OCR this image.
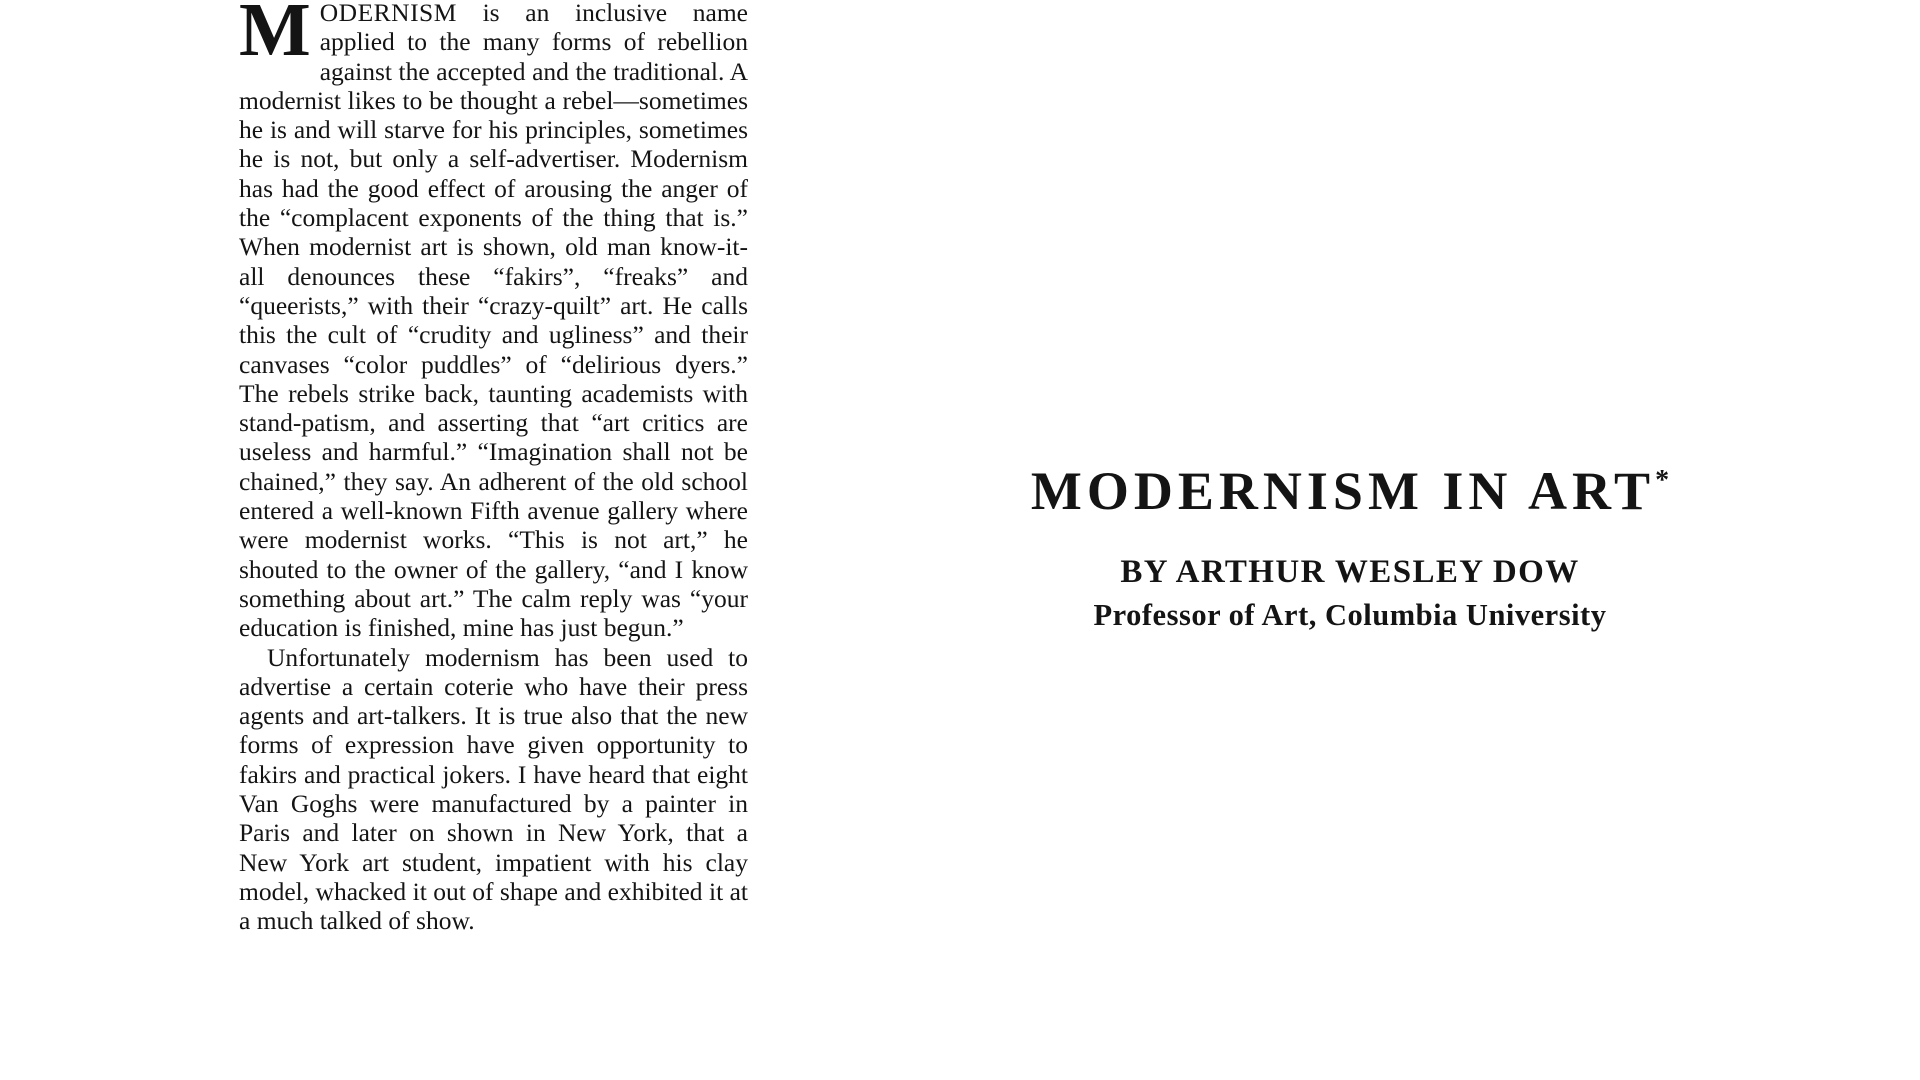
MODERNISM is an inclusive name applied to the many forms of rebellion against the accepted and the traditional. A modernist likes to be thought a rebel—sometimes he is and will starve for his principles, sometimes he is not, but only a self-advertiser. Modernism has had the good effect of arousing the anger of the “complacent exponents of the thing that is.” When modernist art is shown, old man know-it-all denounces these “fakirs”, “freaks” and “queerists,” with their “crazy-quilt” art. He calls this the cult of “crudity and ugliness” and their canvases “color puddles” of “delirious dyers.” The rebels strike back, taunting academists with stand-patism, and asserting that “art critics are useless and harmful.” “Imagination shall not be chained,” they say. An adherent of the old school entered a well-known Fifth avenue gallery where were modernist works. “This is not art,” he shouted to the owner of the gallery, “and I know something about art.” The calm reply was “your education is finished, mine has just begun.”

Unfortunately modernism has been used to advertise a certain coterie who have their press agents and art-talkers. It is true also that the new forms of expression have given opportunity to fakirs and practical jokers. I have heard that eight Van Goghs were manufactured by a painter in Paris and later on shown in New York, that a New York art student, impatient with his clay model, whacked it out of shape and exhibited it at a much talked of show.

MODERNISM IN ART*

BY ARTHUR WESLEY DOW

Professor of Art, Columbia University
